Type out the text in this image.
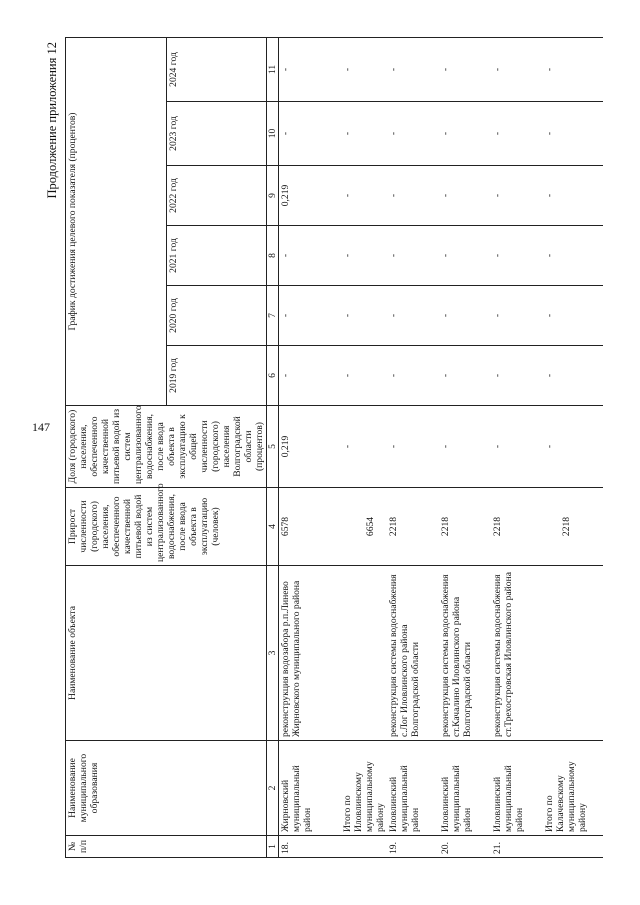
147
Продолжение приложения 12
№ п/п	Наименование муниципального образования	Наименование объекта	Прирост численности (городского) населения, обеспеченного качественной питьевой водой из систем централизованного водоснабжения, после ввода объекта в эксплуатацию (человек)	Доля (городского) населения, обеспеченного качественной питьевой водой из систем централизованного водоснабжения, после ввода объекта в эксплуатацию к общей численности (городского) населения Волгоградской области (процентов)	График достижения целевого показателя (процентов)					
					2019 год	2020 год	2021 год	2022 год	2023 год	2024 год
1	2	3	4	5	6	7	8	9	10	11
18.	Жирновский муниципальный район	реконструкция водозабора р.п.Линево Жирновского муниципального района	6578	0,219	-	-	-	0,219	-	-
	Итого по Иловлинскому муниципальному району		6654	-	-	-	-	-	-	-
19.	Иловлинский муниципальный район	реконструкция системы водоснабжения с.Лог Иловлинского района Волгоградской области	2218	-	-	-	-	-	-	-
20.	Иловлинский муниципальный район	реконструкция системы водоснабжения ст.Качалино Иловлинского района Волгоградской области	2218	-	-	-	-	-	-	-
21.	Иловлинский муниципальный район	реконструкция системы водоснабжения ст.Трехостровская Иловлинского района	2218	-	-	-	-	-	-	-
	Итого по Калачевскому муниципальному району		2218	-	-	-	-	-	-	-
